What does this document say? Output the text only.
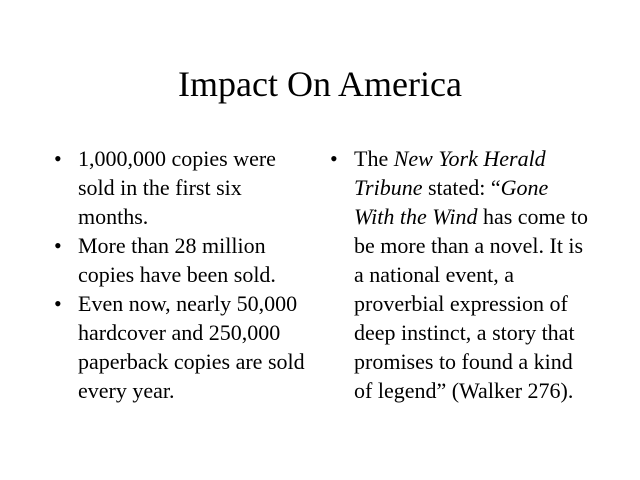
Impact On America
• 1,000,000 copies were sold in the first six months.
• More than 28 million copies have been sold.
• Even now, nearly 50,000 hardcover and 250,000 paperback copies are sold every year.
• The New York Herald Tribune stated: “Gone With the Wind has come to be more than a novel. It is a national event, a proverbial expression of deep instinct, a story that promises to found a kind of legend” (Walker 276).
